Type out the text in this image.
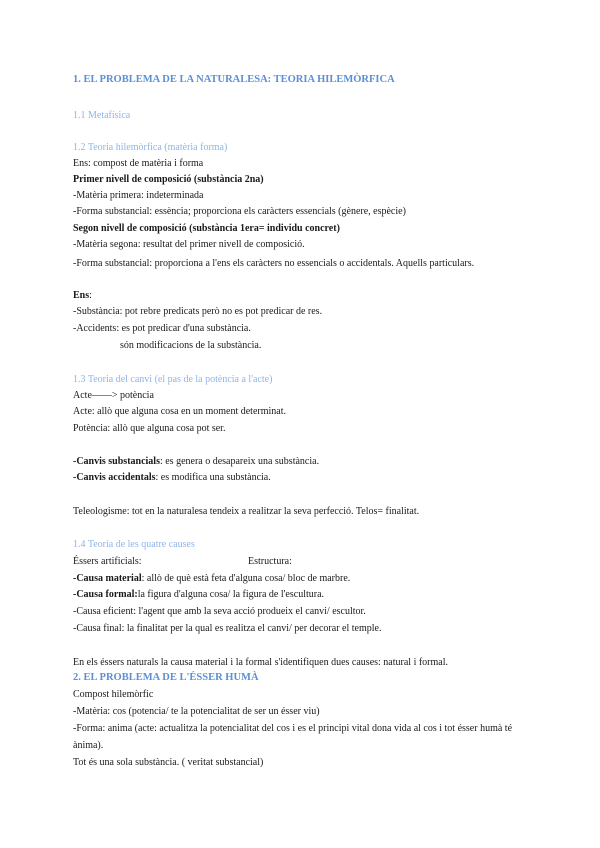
1. EL PROBLEMA DE LA NATURALESA: TEORIA HILEMÒRFICA
1.1 Metafísica
1.2 Teoria hilemòrfica (matèria forma)
Ens: compost de matèria i forma
Primer nivell de composició (substància 2na)
-Matèria primera: indeterminada
-Forma substancial: essència; proporciona els caràcters essencials (gènere, espècie)
Segon nivell de composició (substància 1era= individu concret)
-Matèria segona: resultat del primer nivell de composició.
-Forma substancial: proporciona a l'ens els caràcters no essencials o accidentals. Aquells particulars.
Ens:
-Substància: pot rebre predicats però no es pot predicar de res.
-Accidents: es pot predicar d'una substància.
són modificacions de la substància.
1.3 Teoria del canvi (el pas de la potència a l'acte)
Acte——> potència
Acte: allò que alguna cosa en un moment determinat.
Potència: allò que alguna cosa pot ser.
-Canvis substancials: es genera o desapareix una substància.
-Canvis accidentals: es modifica una substància.
Teleologisme: tot en la naturalesa tendeix a realitzar la seva perfecció. Telos= finalitat.
1.4 Teoria de les quatre causes
Éssers artificials:	Estructura:
-Causa material: allò de què està feta d'alguna cosa/ bloc de marbre.
-Causa formal:la figura d'alguna cosa/ la figura de l'escultura.
-Causa eficient: l'agent que amb la seva acció produeix el canvi/ escultor.
-Causa final: la finalitat per la qual es realitza el canvi/ per decorar el temple.
En els éssers naturals la causa material i la formal s'identifiquen dues causes: natural i formal.
2. EL PROBLEMA DE L'ÉSSER HUMÀ
Compost hilemòrfic
-Matèria: cos (potencia/ te la potencialitat de ser un ésser viu)
-Forma: anima (acte: actualitza la potencialitat del cos i es el principi vital dona vida al cos i tot ésser humà té
ànima).
Tot és una sola substància. ( veritat substancial)
